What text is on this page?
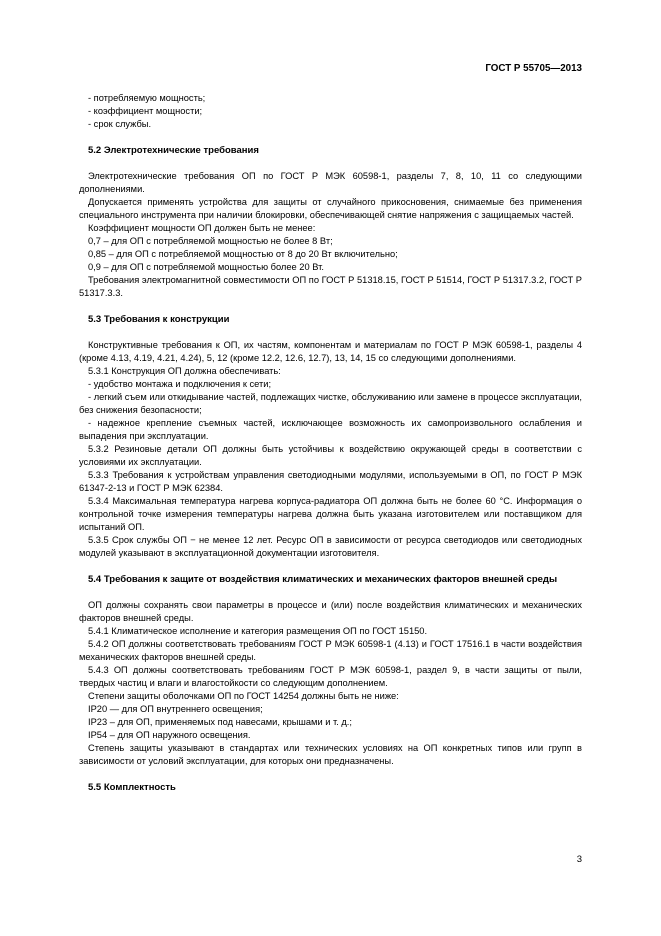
ГОСТ Р 55705—2013

- потребляемую мощность;

- коэффициент мощности;

- срок службы.

5.2 Электротехнические требования

Электротехнические требования ОП по ГОСТ Р МЭК 60598-1, разделы 7, 8, 10, 11 со следующими дополнениями.

Допускается применять устройства для защиты от случайного прикосновения, снимаемые без применения специального инструмента при наличии блокировки, обеспечивающей снятие напряжения с защищаемых частей.

Коэффициент мощности ОП должен быть не менее:

0,7 – для ОП с потребляемой мощностью не более 8 Вт;

0,85 – для ОП с потребляемой мощностью от 8 до 20 Вт включительно;

0,9 – для ОП с потребляемой мощностью более 20 Вт.

Требования электромагнитной совместимости ОП по ГОСТ Р 51318.15, ГОСТ Р 51514, ГОСТ Р 51317.3.2, ГОСТ Р 51317.3.3.

5.3 Требования к конструкции

Конструктивные требования к ОП, их частям, компонентам и материалам по ГОСТ Р МЭК 60598-1, разделы 4 (кроме 4.13, 4.19, 4.21, 4.24), 5, 12 (кроме 12.2, 12.6, 12.7), 13, 14, 15 со следующими дополнениями.

5.3.1 Конструкция ОП должна обеспечивать:

- удобство монтажа и подключения к сети;

- легкий съем или откидывание частей, подлежащих чистке, обслуживанию или замене в процессе эксплуатации, без снижения безопасности;

- надежное крепление съемных частей, исключающее возможность их самопроизвольного ослабления и выпадения при эксплуатации.

5.3.2 Резиновые детали ОП должны быть устойчивы к воздействию окружающей среды в соответствии с условиями их эксплуатации.

5.3.3 Требования к устройствам управления светодиодными модулями, используемыми в ОП, по ГОСТ Р МЭК 61347-2-13 и ГОСТ Р МЭК 62384.

5.3.4 Максимальная температура нагрева корпуса-радиатора ОП должна быть не более 60 °С. Информация о контрольной точке измерения температуры нагрева должна быть указана изготовителем или поставщиком для испытаний ОП.

5.3.5 Срок службы ОП − не менее 12 лет. Ресурс ОП в зависимости от ресурса светодиодов или светодиодных модулей указывают в эксплуатационной документации изготовителя.

5.4 Требования к защите от воздействия климатических и механических факторов внешней среды

ОП должны сохранять свои параметры в процессе и (или) после воздействия климатических и механических факторов внешней среды.

5.4.1 Климатическое исполнение и категория размещения ОП по ГОСТ 15150.

5.4.2 ОП должны соответствовать требованиям ГОСТ Р МЭК 60598-1 (4.13) и ГОСТ 17516.1 в части воздействия механических факторов внешней среды.

5.4.3 ОП должны соответствовать требованиям ГОСТ Р МЭК 60598-1, раздел 9, в части защиты от пыли, твердых частиц и влаги и влагостойкости со следующим дополнением.

Степени защиты оболочками ОП по ГОСТ 14254 должны быть не ниже:

IP20 — для ОП внутреннего освещения;

IP23 – для ОП, применяемых под навесами, крышами и т. д.;

IP54 – для ОП наружного освещения.

Степень защиты указывают в стандартах или технических условиях на ОП конкретных типов или групп в зависимости от условий эксплуатации, для которых они предназначены.

5.5 Комплектность

3
